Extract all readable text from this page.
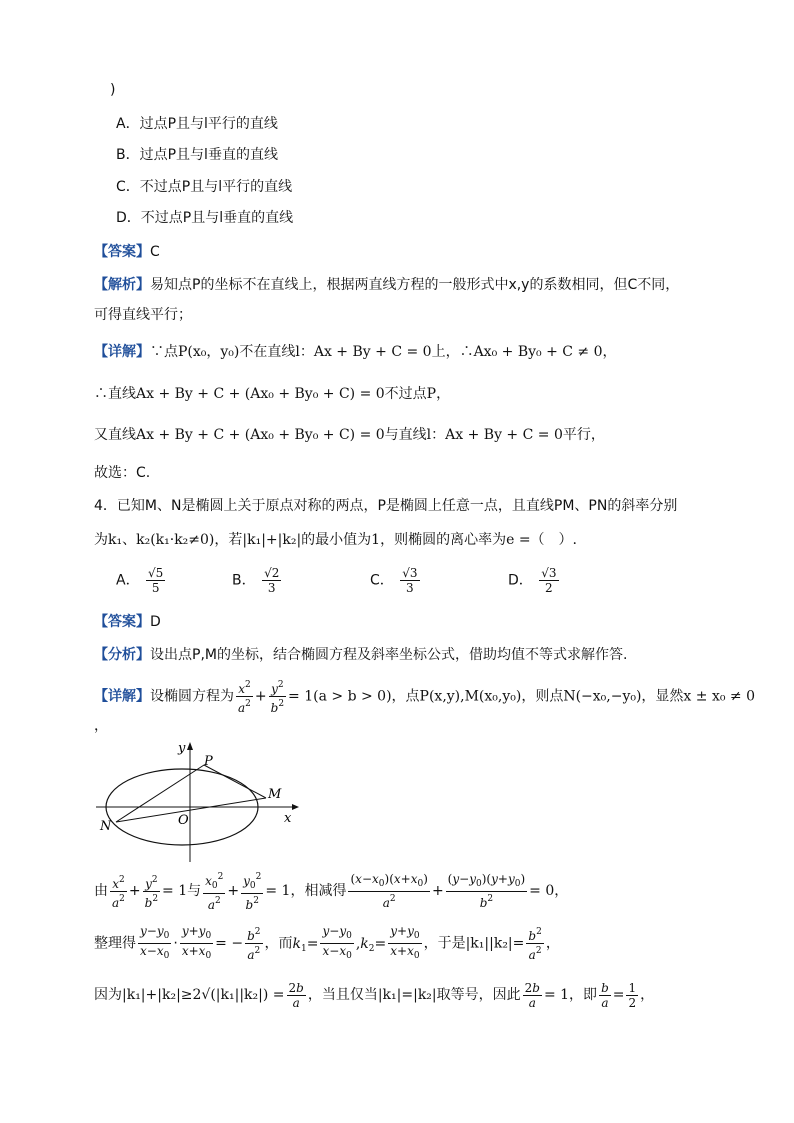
)
A．过点P且与l平行的直线
B．过点P且与l垂直的直线
C．不过点P且与l平行的直线
D．不过点P且与l垂直的直线
【答案】C
【解析】易知点P的坐标不在直线上，根据两直线方程的一般形式中x,y的系数相同，但C不同，
可得直线平行；
【详解】∵点P(x₀，y₀)不在直线l：Ax + By + C = 0上，∴Ax₀ + By₀ + C ≠ 0，
∴直线Ax + By + C + (Ax₀ + By₀ + C) = 0不过点P，
又直线Ax + By + C + (Ax₀ + By₀ + C) = 0与直线l：Ax + By + C = 0平行，
故选：C.
4．已知M、N是椭圆上关于原点对称的两点，P是椭圆上任意一点，且直线PM、PN的斜率分别
为k₁、k₂(k₁·k₂≠0)，若|k₁|+|k₂|的最小值为1，则椭圆的离心率为e =（　）.
A． $\frac{√5}{5}$	B． $\frac{√2}{3}$	C． $\frac{√3}{3}$	D． $\frac{√3}{2}$
【答案】D
【分析】设出点P,M的坐标，结合椭圆方程及斜率坐标公式，借助均值不等式求解作答.
【详解】设椭圆方程为 $\frac{x^2}{a^2} + \frac{y^2}{b^2} = 1(a > b > 0)$，点P(x,y),M(x₀,y₀)，则点N(−x₀,−y₀)，显然x ± x₀ ≠ 0
，
y
x
O
P
M
N
由 $\frac{x^2}{a^2} + \frac{y^2}{b^2} = 1$与 $\frac{x_0^2}{a^2} + \frac{y_0^2}{b^2} = 1$，相减得 $\frac{(x-x_0)(x+x_0)}{a^2} + \frac{(y-y_0)(y+y_0)}{b^2} = 0$，
整理得 $\frac{y-y_0}{x-x_0} \cdot \frac{y+y_0}{x+x_0}$ = − $\frac{b^2}{a^2}$ ，而$k_1= \frac{y-y_0}{x-x_0} ,k_2= \frac{y+y_0}{x+x_0}$ ，于是$|k_1||k_2|= \frac{b^2}{a^2}$ ，
因为$|k_1|+|k_2|\ge 2√(|k_1||k_2|) = \frac{2b}{a}$ ，当且仅当|k₁|=|k₂|取等号，因此 $\frac{2b}{a} = 1$，即 $\frac{b}{a} = \frac{1}{2}$ ，
